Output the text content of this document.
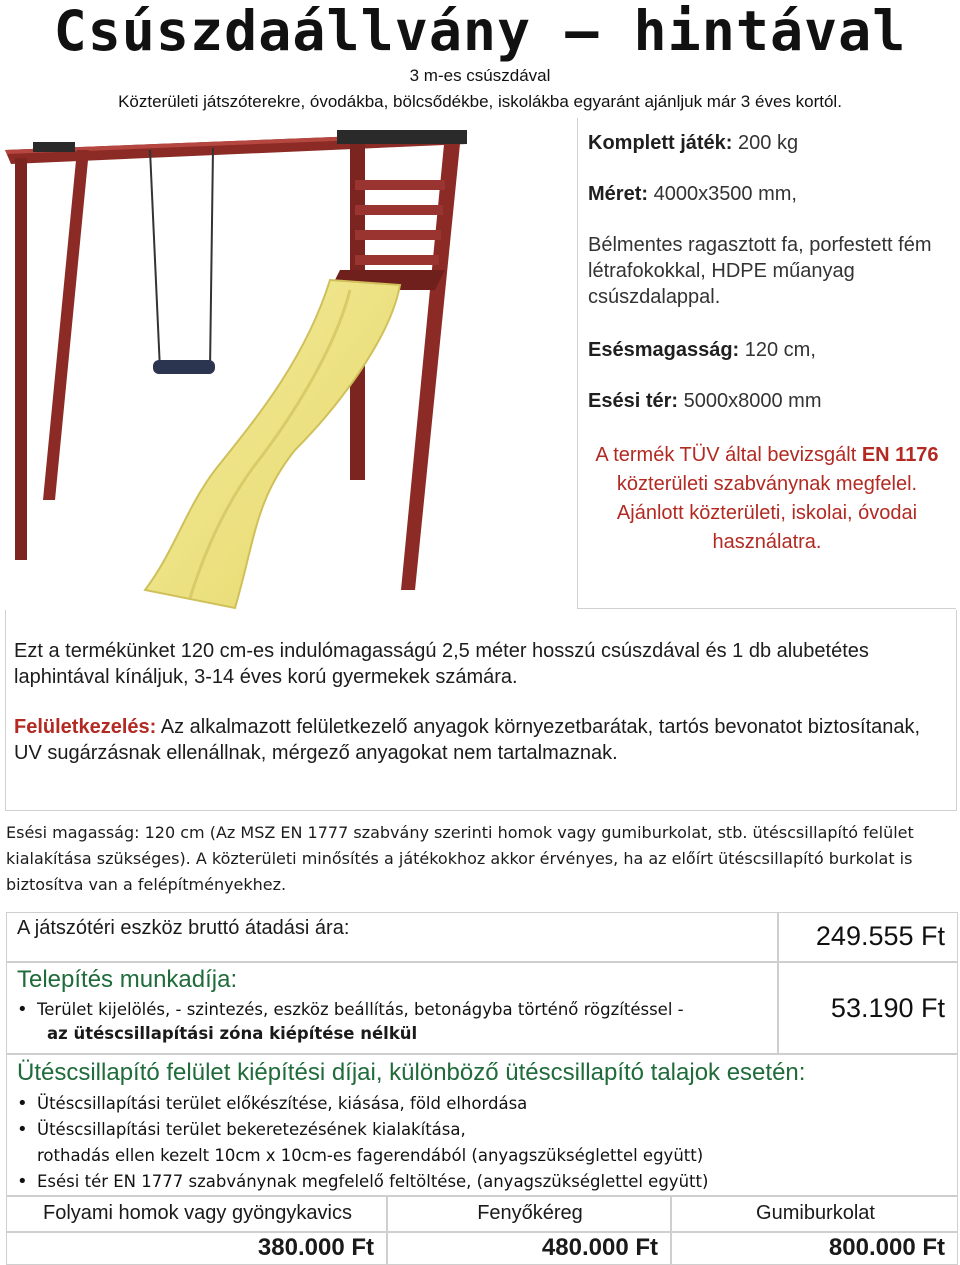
Csúszdaállvány – hintával
3 m-es csúszdával
Közterületi játszóterekre, óvodákba, bölcsődékbe, iskolákba egyaránt ajánljuk már 3 éves kortól.
Komplett játék: 200 kg
Méret: 4000x3500 mm,
Bélmentes ragasztott fa, porfestett fém létrafokokkal, HDPE műanyag csúszdalappal.
Esésmagasság: 120 cm,
Esési tér: 5000x8000 mm
A termék TÜV által bevizsgált EN 1176 közterületi szabványnak megfelel.
Ajánlott közterületi, iskolai, óvodai használatra.
Ezt a termékünket 120 cm-es indulómagasságú 2,5 méter hosszú csúszdával és 1 db alubetétes laphintával kínáljuk, 3-14 éves korú gyermekek számára.
Felületkezelés: Az alkalmazott felületkezelő anyagok környezetbarátak, tartós bevonatot biztosítanak, UV sugárzásnak ellenállnak, mérgező anyagokat nem tartalmaznak.
Esési magasság: 120 cm (Az MSZ EN 1777 szabvány szerinti homok vagy gumiburkolat, stb. ütéscsillapító felület kialakítása szükséges). A közterületi minősítés a játékokhoz akkor érvényes, ha az előírt ütéscsillapító burkolat is biztosítva van a felépítményekhez.
A játszótéri eszköz bruttó átadási ára:	249.555 Ft
Telepítés munkadíja:
• Terület kijelölés, - szintezés, eszköz beállítás, betonágyba történő rögzítéssel -
az ütéscsillapítási zóna kiépítése nélkül
53.190 Ft
Ütéscsillapító felület kiépítési díjai, különböző ütéscsillapító talajok esetén:
• Ütéscsillapítási terület előkészítése, kiásása, föld elhordása
• Ütéscsillapítási terület bekeretezésének kialakítása,
rothadás ellen kezelt 10cm x 10cm-es fagerendából (anyagszükséglettel együtt)
• Esési tér EN 1777 szabványnak megfelelő feltöltése, (anyagszükséglettel együtt)
Folyami homok vagy gyöngykavics	Fenyőkéreg	Gumiburkolat
380.000 Ft	480.000 Ft	800.000 Ft
